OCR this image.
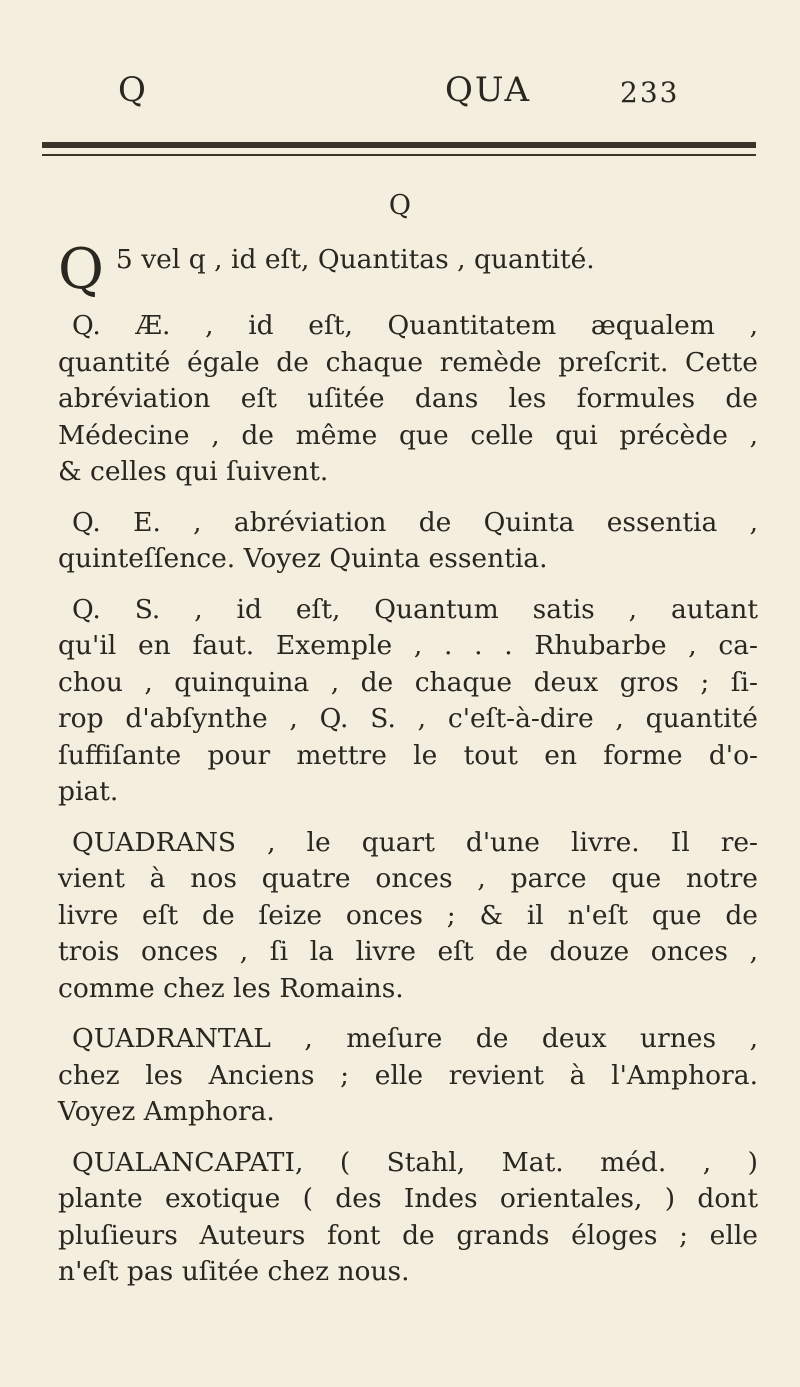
Q	QUA	233
Q
Q 5 vel q , id eſt, Quantitas , quantité.
Q. Æ. , id eſt, Quantitatem æqualem ,
quantité égale de chaque remède preſcrit. Cette
abréviation eſt uſitée dans les formules de
Médecine , de même que celle qui précède ,
& celles qui ſuivent.
Q. E. , abréviation de Quinta essentia ,
quinteſſence. Voyez Quinta essentia.
Q. S. , id eſt, Quantum satis , autant
qu'il en faut. Exemple , . . . Rhubarbe , ca-
chou , quinquina , de chaque deux gros ; ſi-
rop d'abſynthe , Q. S. , c'eſt-à-dire , quantité
ſuffiſante pour mettre le tout en forme d'o-
piat.
QUADRANS , le quart d'une livre. Il re-
vient à nos quatre onces , parce que notre
livre eſt de ſeize onces ; & il n'eſt que de
trois onces , ſi la livre eſt de douze onces ,
comme chez les Romains.
QUADRANTAL , meſure de deux urnes ,
chez les Anciens ; elle revient à l'Amphora.
Voyez Amphora.
QUALANCAPATI, ( Stahl, Mat. méd. , )
plante exotique ( des Indes orientales, ) dont
pluſieurs Auteurs font de grands éloges ; elle
n'eſt pas uſitée chez nous.
